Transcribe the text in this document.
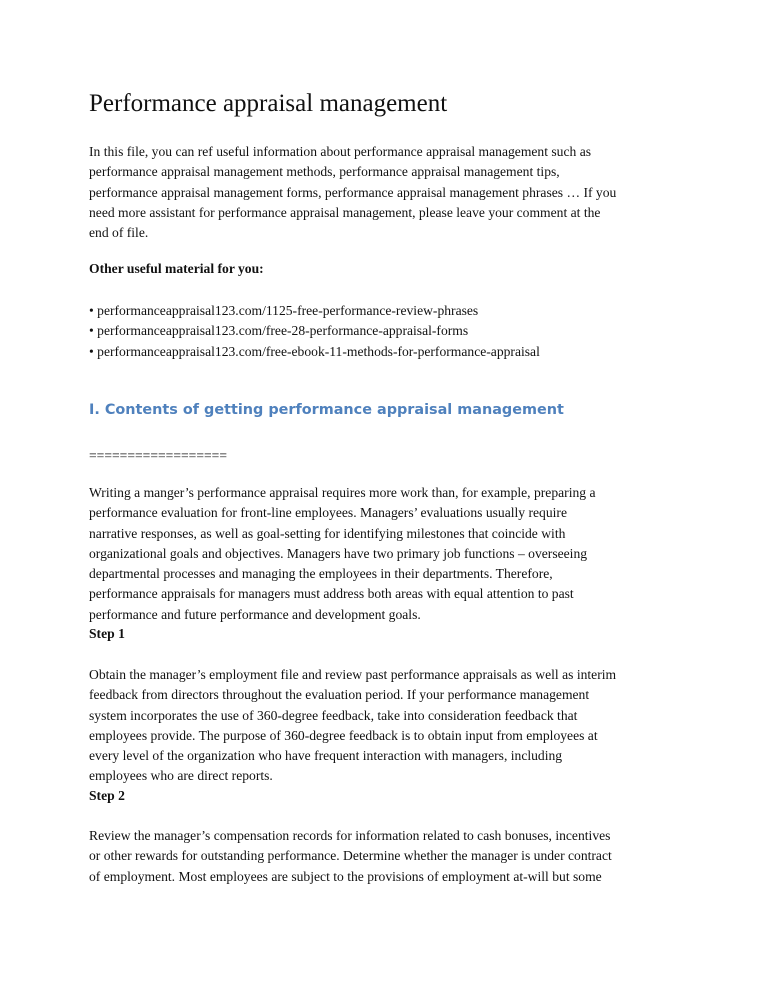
Performance appraisal management

In this file, you can ref useful information about performance appraisal management such as
performance appraisal management methods, performance appraisal management tips,
performance appraisal management forms, performance appraisal management phrases … If you
need more assistant for performance appraisal management, please leave your comment at the
end of file.

Other useful material for you:

• performanceappraisal123.com/1125-free-performance-review-phrases
• performanceappraisal123.com/free-28-performance-appraisal-forms
• performanceappraisal123.com/free-ebook-11-methods-for-performance-appraisal
I. Contents of getting performance appraisal management
==================

Writing a manger’s performance appraisal requires more work than, for example, preparing a
performance evaluation for front-line employees. Managers’ evaluations usually require
narrative responses, as well as goal-setting for identifying milestones that coincide with
organizational goals and objectives. Managers have two primary job functions – overseeing
departmental processes and managing the employees in their departments. Therefore,
performance appraisals for managers must address both areas with equal attention to past
performance and future performance and development goals.

Step 1

Obtain the manager’s employment file and review past performance appraisals as well as interim
feedback from directors throughout the evaluation period. If your performance management
system incorporates the use of 360-degree feedback, take into consideration feedback that
employees provide. The purpose of 360-degree feedback is to obtain input from employees at
every level of the organization who have frequent interaction with managers, including
employees who are direct reports.

Step 2

Review the manager’s compensation records for information related to cash bonuses, incentives
or other rewards for outstanding performance. Determine whether the manager is under contract
of employment. Most employees are subject to the provisions of employment at-will but some
